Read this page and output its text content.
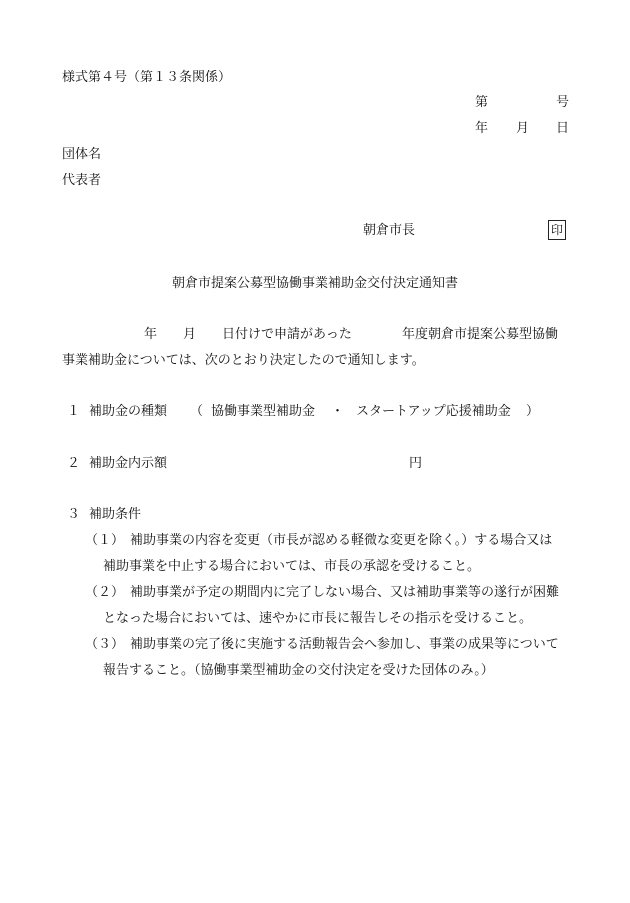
様式第４号（第１３条関係）
第	号
年 月 日
団体名
代表者
朝倉市長	印
朝倉市提案公募型協働事業補助金交付決定通知書
年 月 日付けで申請があった	年度朝倉市提案公募型協働
事業補助金については、次のとおり決定したので通知します。
１ 補助金の種類 （ 協働事業型補助金 ・ スタートアップ応援補助金 ）
２ 補助金内示額	円
３ 補助条件
（１） 補助事業の内容を変更（市長が認める軽微な変更を除く。）する場合又は
補助事業を中止する場合においては、市長の承認を受けること。
（２） 補助事業が予定の期間内に完了しない場合、又は補助事業等の遂行が困難
となった場合においては、速やかに市長に報告しその指示を受けること。
（３） 補助事業の完了後に実施する活動報告会へ参加し、事業の成果等について
報告すること。（協働事業型補助金の交付決定を受けた団体のみ。）
